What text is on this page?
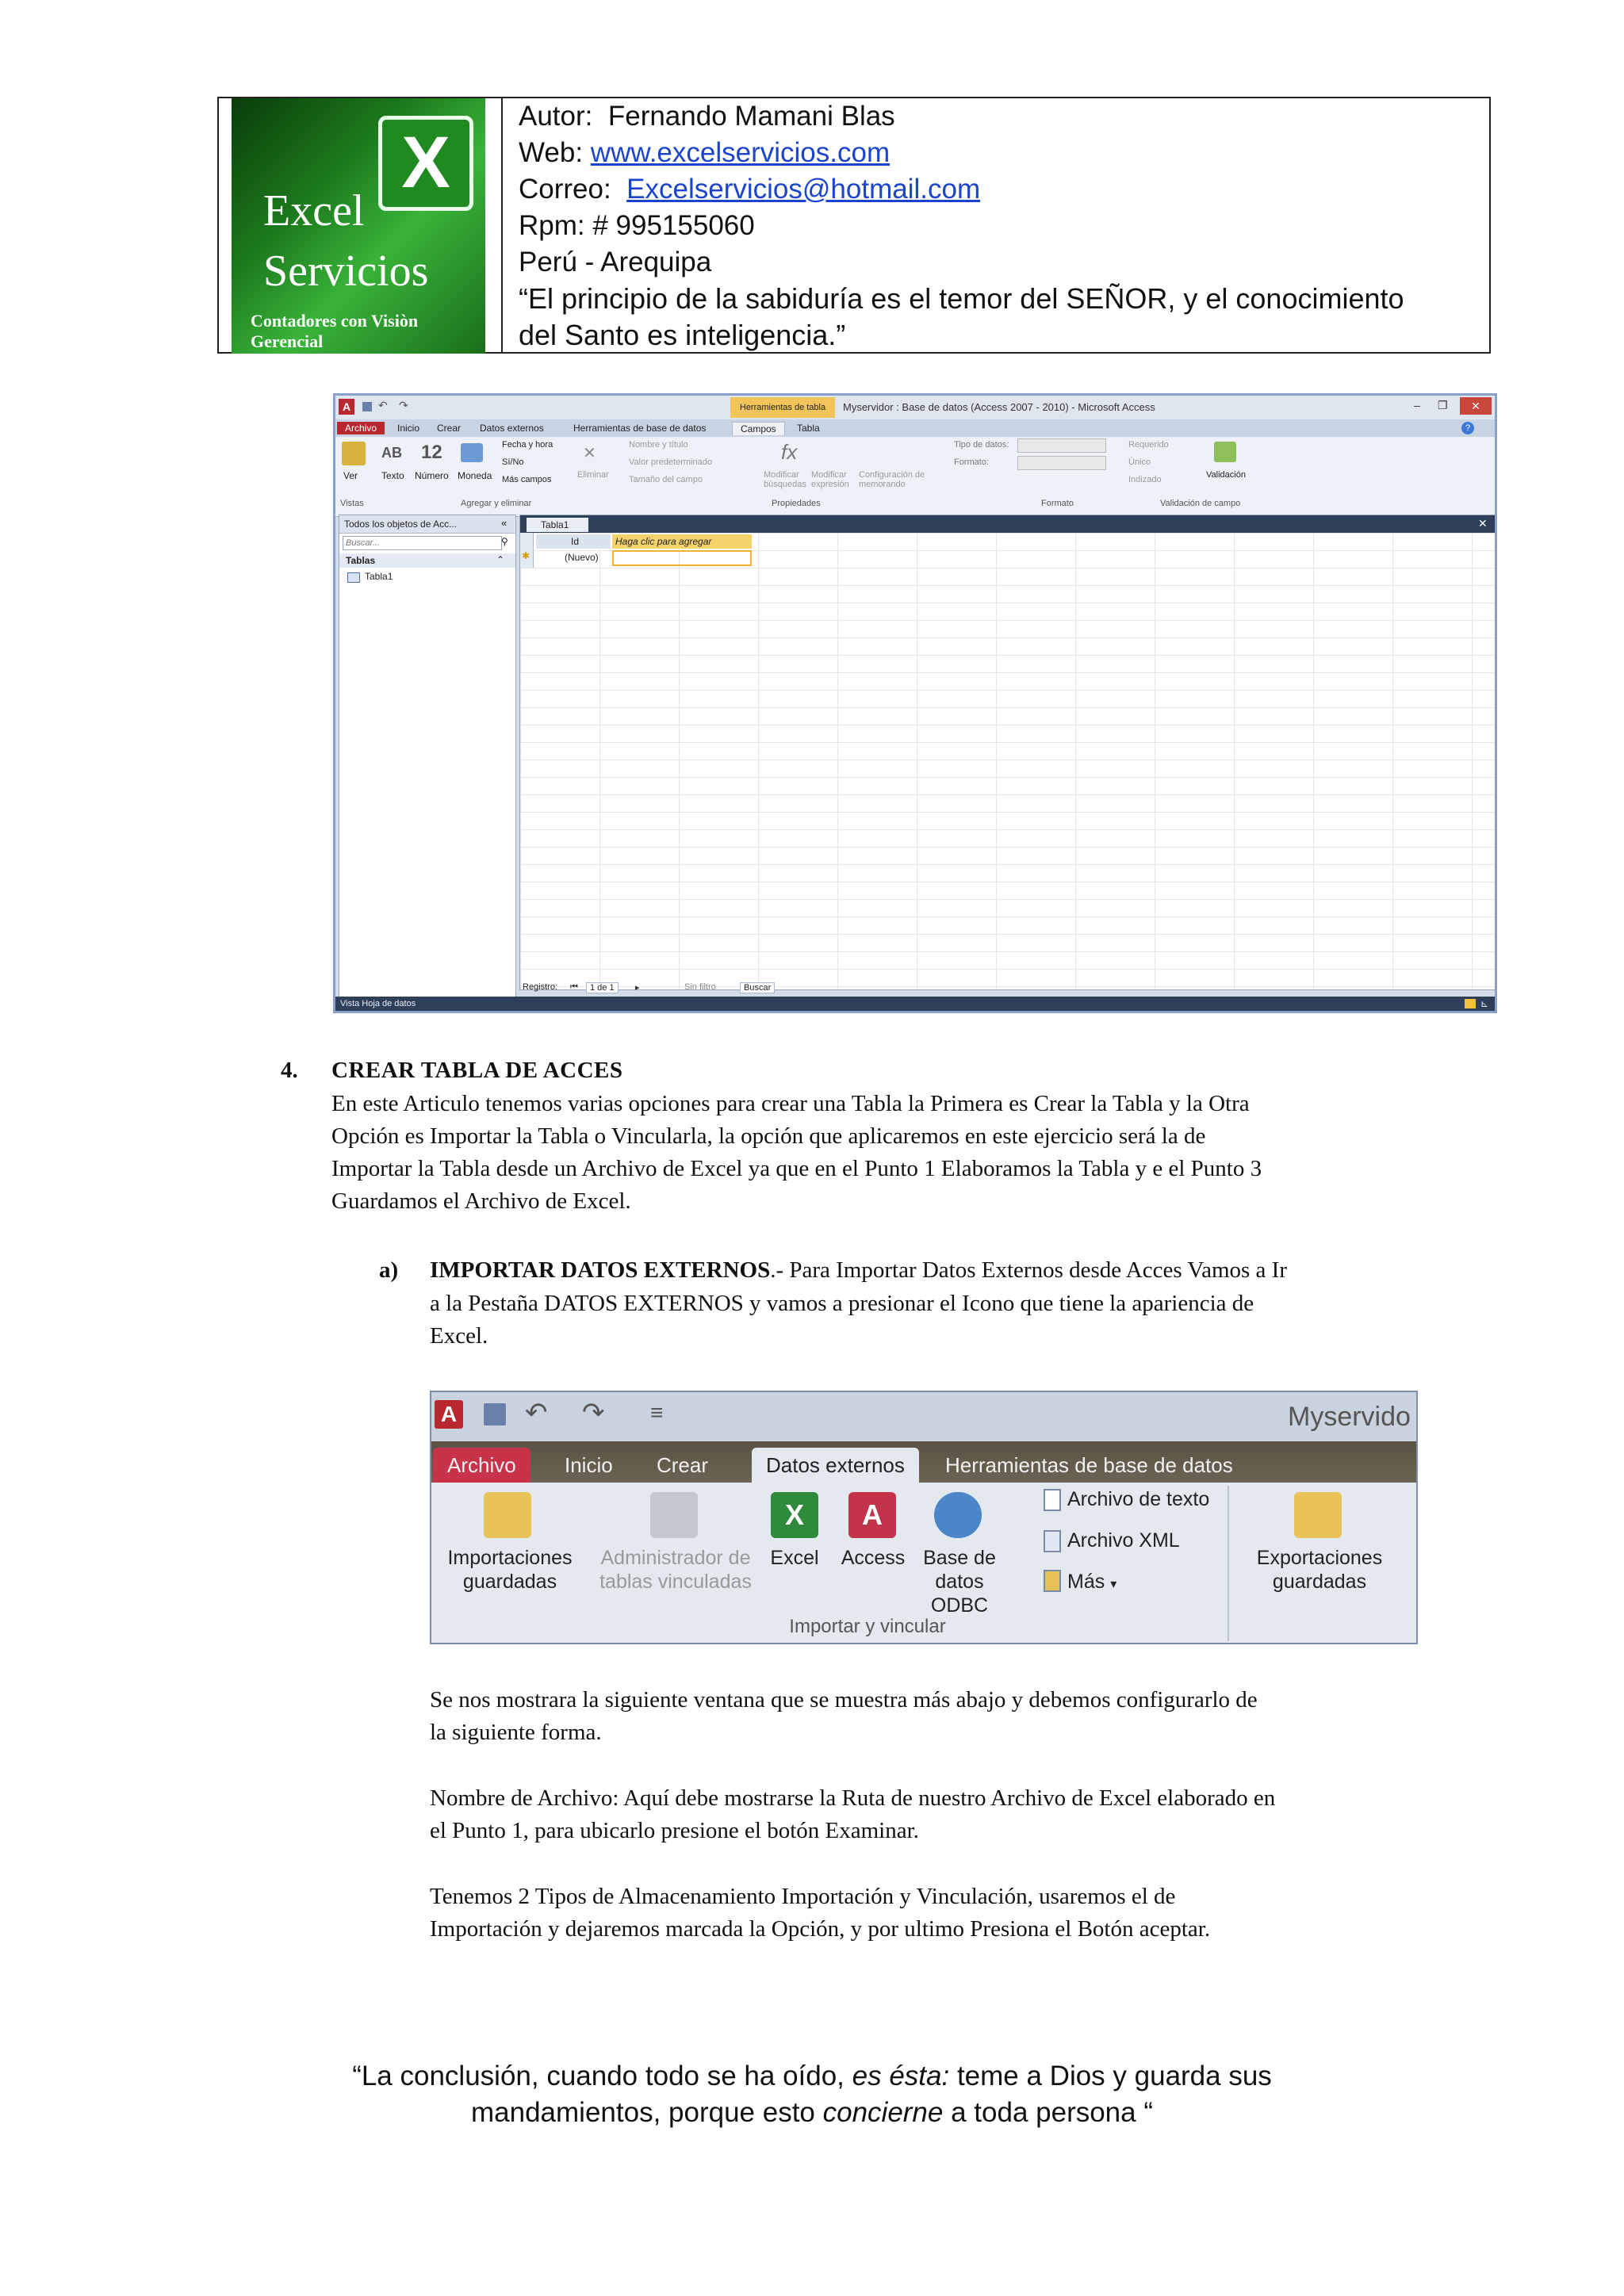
X
Excel
Servicios
Contadores con Visiòn Gerencial
Autor: Fernando Mamani Blas
Web: www.excelservicios.com
Correo: Excelservicios@hotmail.com
Rpm: # 995155060
Perú - Arequipa
“El principio de la sabiduría es el temor del SEÑOR, y el conocimiento
del Santo es inteligencia.”
A	↶ ↷	Herramientas de tabla	Myservidor : Base de datos (Access 2007 - 2010) - Microsoft Access	– ❐	✕
Archivo	Inicio	Crear	Datos externos	Herramientas de base de datos	Campos	Tabla	?
Ver
AB
Texto
12
Número Moneda
Fecha y hora
Sí/No
Más campos
✕
Eliminar
Nombre y título
Valor predeterminado
Tamaño del campo
fx
Modificar búsquedas
Modificar expresión
Configuración de memorando
Tipo de datos:
Formato:
Requerido
Único
Indizado	Validación
Vistas	Agregar y eliminar	Propiedades	Formato	Validación de campo
Todos los objetos de Acc...	«
Buscar...	⚲
Tablas	⌃
Tabla1
Tabla1	✕
✱
Id	Haga clic para agregar
(Nuevo)
Registro: ⏮	1 de 1	▸	Sin filtro	Buscar
Vista Hoja de datos	⊾
4. CREAR TABLA DE ACCES
En este Articulo tenemos varias opciones para crear una Tabla la Primera es Crear la Tabla y la Otra
Opción es Importar la Tabla o Vincularla, la opción que aplicaremos en este ejercicio será la de
Importar la Tabla desde un Archivo de Excel ya que en el Punto 1 Elaboramos la Tabla y e el Punto 3
Guardamos el Archivo de Excel.
a) IMPORTAR DATOS EXTERNOS.- Para Importar Datos Externos desde Acces Vamos a Ir
a la Pestaña DATOS EXTERNOS y vamos a presionar el Icono que tiene la apariencia de
Excel.
A	↶ ↷ ≡	Myservido
Archivo	Inicio	Crear	Datos externos	Herramientas de base de datos
Importaciones
guardadas
Administrador de
tablas vinculadas
X
Excel
A
Access Base de
datos ODBC
Archivo de texto
Archivo XML
Más ▾
Importar y vincular
Exportaciones
guardadas
Se nos mostrara la siguiente ventana que se muestra más abajo y debemos configurarlo de
la siguiente forma.
Nombre de Archivo: Aquí debe mostrarse la Ruta de nuestro Archivo de Excel elaborado en
el Punto 1, para ubicarlo presione el botón Examinar.
Tenemos 2 Tipos de Almacenamiento Importación y Vinculación, usaremos el de
Importación y dejaremos marcada la Opción, y por ultimo Presiona el Botón aceptar.
“La conclusión, cuando todo se ha oído, es ésta: teme a Dios y guarda sus
mandamientos, porque esto concierne a toda persona “
